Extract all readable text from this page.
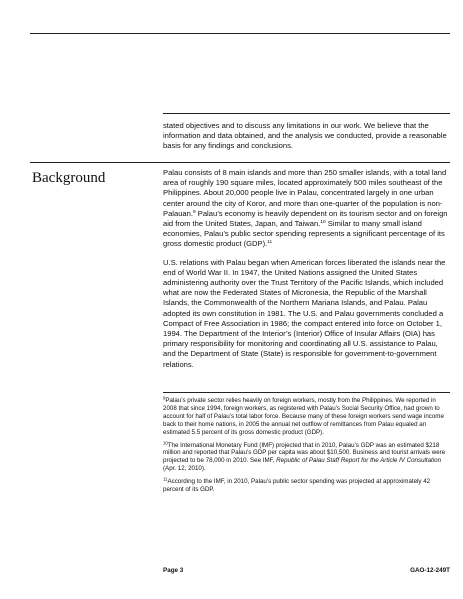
stated objectives and to discuss any limitations in our work. We believe that the information and data obtained, and the analysis we conducted, provide a reasonable basis for any findings and conclusions.

Background	Palau consists of 8 main islands and more than 250 smaller islands, with a total land area of roughly 190 square miles, located approximately 500 miles southeast of the Philippines. About 20,000 people live in Palau, concentrated largely in one urban center around the city of Koror, and more than one-quarter of the population is non-Palauan.$^9$ Palau’s economy is heavily dependent on its tourism sector and on foreign aid from the United States, Japan, and Taiwan.$^{10}$ Similar to many small island economies, Palau’s public sector spending represents a significant percentage of its gross domestic product (GDP).$^{11}$

U.S. relations with Palau began when American forces liberated the islands near the end of World War II. In 1947, the United Nations assigned the United States administering authority over the Trust Territory of the Pacific Islands, which included what are now the Federated States of Micronesia, the Republic of the Marshall Islands, the Commonwealth of the Northern Mariana Islands, and Palau. Palau adopted its own constitution in 1981. The U.S. and Palau governments concluded a Compact of Free Association in 1986; the compact entered into force on October 1, 1994. The Department of the Interior’s (Interior) Office of Insular Affairs (OIA) has primary responsibility for monitoring and coordinating all U.S. assistance to Palau, and the Department of State (State) is responsible for government-to-government relations.

$^9$Palau’s private sector relies heavily on foreign workers, mostly from the Philippines. We reported in 2008 that since 1994, foreign workers, as registered with Palau’s Social Security Office, had grown to account for half of Palau’s total labor force. Because many of these foreign workers send wage income back to their home nations, in 2005 the annual net outflow of remittances from Palau equaled an estimated 5.5 percent of its gross domestic product (GDP).

$^{10}$The International Monetary Fund (IMF) projected that in 2010, Palau’s GDP was an estimated $218 million and reported that Palau’s GDP per capita was about $10,500. Business and tourist arrivals were projected to be 78,000 in 2010. See IMF, Republic of Palau Staff Report for the Article IV Consultation (Apr. 12, 2010).

$^{11}$According to the IMF, in 2010, Palau’s public sector spending was projected at approximately 42 percent of its GDP.

Page 3	GAO-12-249T
